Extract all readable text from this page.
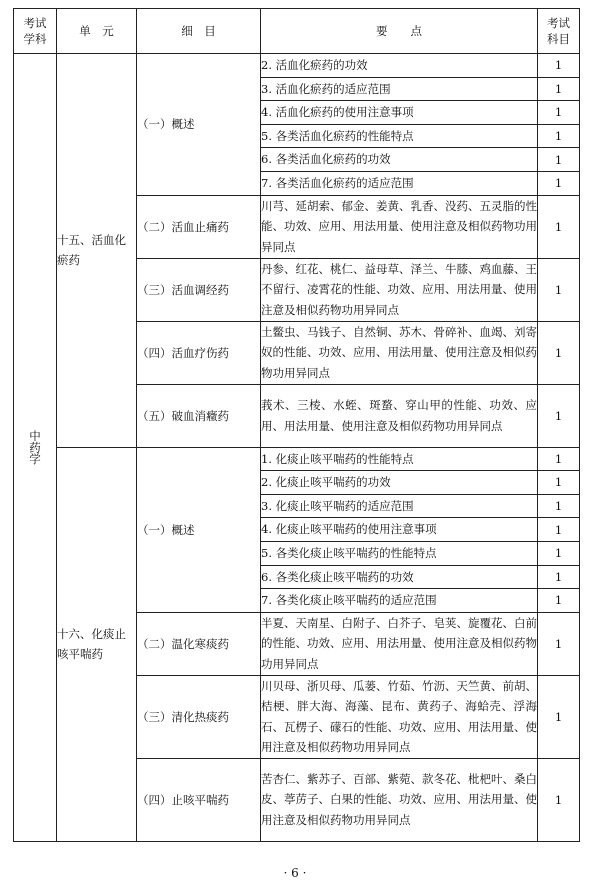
考试
学科	单　元	细　目	要　　点	考试
科目
中药学	十五、活血化瘀药	（一）概述	2. 活血化瘀药的功效	1
			3. 活血化瘀药的适应范围	1
			4. 活血化瘀药的使用注意事项	1
			5. 各类活血化瘀药的性能特点	1
			6. 各类活血化瘀药的功效	1
			7. 各类活血化瘀药的适应范围	1
		（二）活血止痛药	川芎、延胡索、郁金、姜黄、乳香、没药、五灵脂的性能、功效、应用、用法用量、使用注意及相似药物功用异同点	1
		（三）活血调经药	丹参、红花、桃仁、益母草、泽兰、牛膝、鸡血藤、王不留行、凌霄花的性能、功效、应用、用法用量、使用注意及相似药物功用异同点	1
		（四）活血疗伤药	土鳖虫、马钱子、自然铜、苏木、骨碎补、血竭、刘寄奴的性能、功效、应用、用法用量、使用注意及相似药物功用异同点	1
		（五）破血消癥药	莪术、三棱、水蛭、斑蝥、穿山甲的性能、功效、应用、用法用量、使用注意及相似药物功用异同点	1
	十六、化痰止咳平喘药	（一）概述	1. 化痰止咳平喘药的性能特点	1
			2. 化痰止咳平喘药的功效	1
			3. 化痰止咳平喘药的适应范围	1
			4. 化痰止咳平喘药的使用注意事项	1
			5. 各类化痰止咳平喘药的性能特点	1
			6. 各类化痰止咳平喘药的功效	1
			7. 各类化痰止咳平喘药的适应范围	1
		（二）温化寒痰药	半夏、天南星、白附子、白芥子、皂荚、旋覆花、白前的性能、功效、应用、用法用量、使用注意及相似药物功用异同点	1
		（三）清化热痰药	川贝母、浙贝母、瓜蒌、竹茹、竹沥、天竺黄、前胡、桔梗、胖大海、海藻、昆布、黄药子、海蛤壳、浮海石、瓦楞子、礞石的性能、功效、应用、用法用量、使用注意及相似药物功用异同点	1
		（四）止咳平喘药	苦杏仁、紫苏子、百部、紫菀、款冬花、枇杷叶、桑白皮、葶苈子、白果的性能、功效、应用、用法用量、使用注意及相似药物功用异同点	1
· 6 ·
